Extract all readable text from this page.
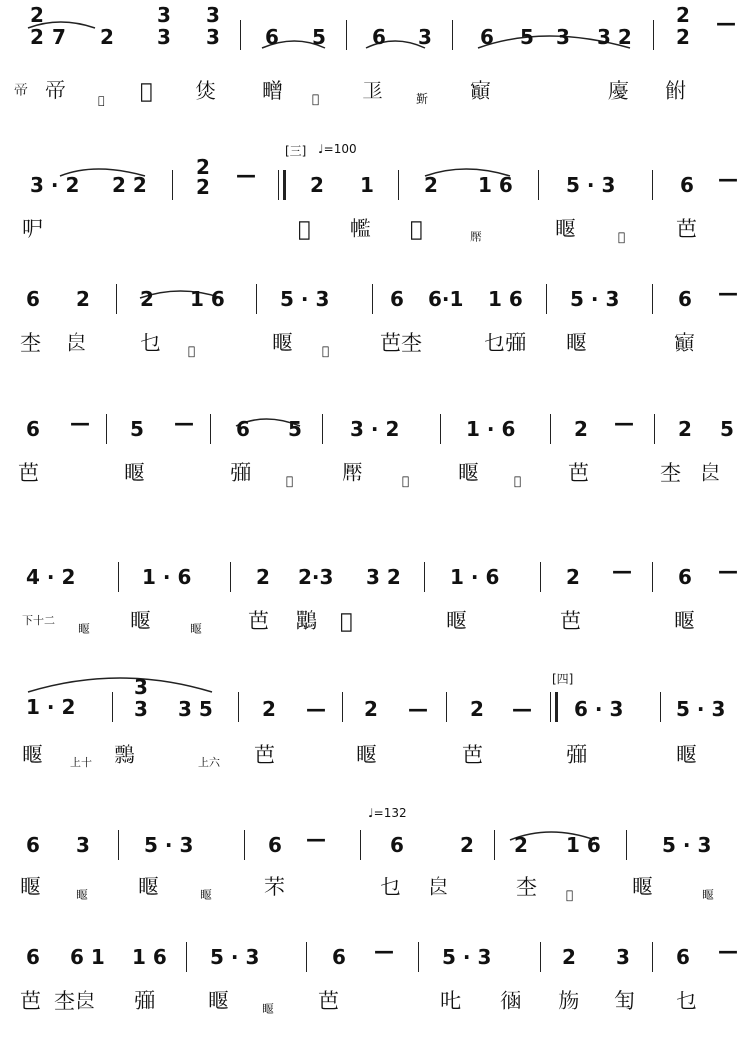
2
2 7 2
3
3
3
3 6 5 6 3 6 5 3 3 2
2
2
—
𢂇 𢂇	𣈂 𢐛 𤈢 㽪 𣋰 𢒄	𣂷 𡬅	𢋣 𩚭
[三] ♩=100
3 · 2 2 2
2
2 —	2 1	2 1 6	5 · 3	6 —
㕧	𩈕 𢅡 𣲖	𢅠	𥈔	𣏍 芭
6 2	2 1 6	5 · 3	6 6·1 1 6 5 · 3	6 —
杢 𣌣	乜 𣲖	𥈔 𣏍 芭杢	乜𢐤 𥈔	𡬅
6 — 5 — 6 5 3 · 2	1 · 6	2 — 2 5
芭	𥈔	𢐤	𣏍 𢅠	𩈕 𥈔	𣏍 芭	杢 𣌣
4 · 2	1 · 6	2 2·3 3 2 1 · 6	2 — 6 —
下十二
𥈔 𥈔	𥈔 芭 𪈀 𩈕	𥈔	芭	𥈔
[四]
1 · 2
3
3 3 5 2 — 2 — 2 — 6 · 3	5 · 3
𥈔 上十 𪅃	上六 芭	𥈔	芭	𢐤	𥈔
♩=132
6 3	5 · 3	6 —	6	2 2 1 6	5 · 3
𥈔	𥈔 𥈔	𥈔 芣	乜 𣌣	杢 𣲖	𥈔	𥈔
6 6 1 1 6 5 · 3	6 — 5 · 3	2 3 6 —
芭 杢𣌣 𢐤	𥈔	𥈔 芭	𠮟 𢔈 𣃦 𠣕 乜
